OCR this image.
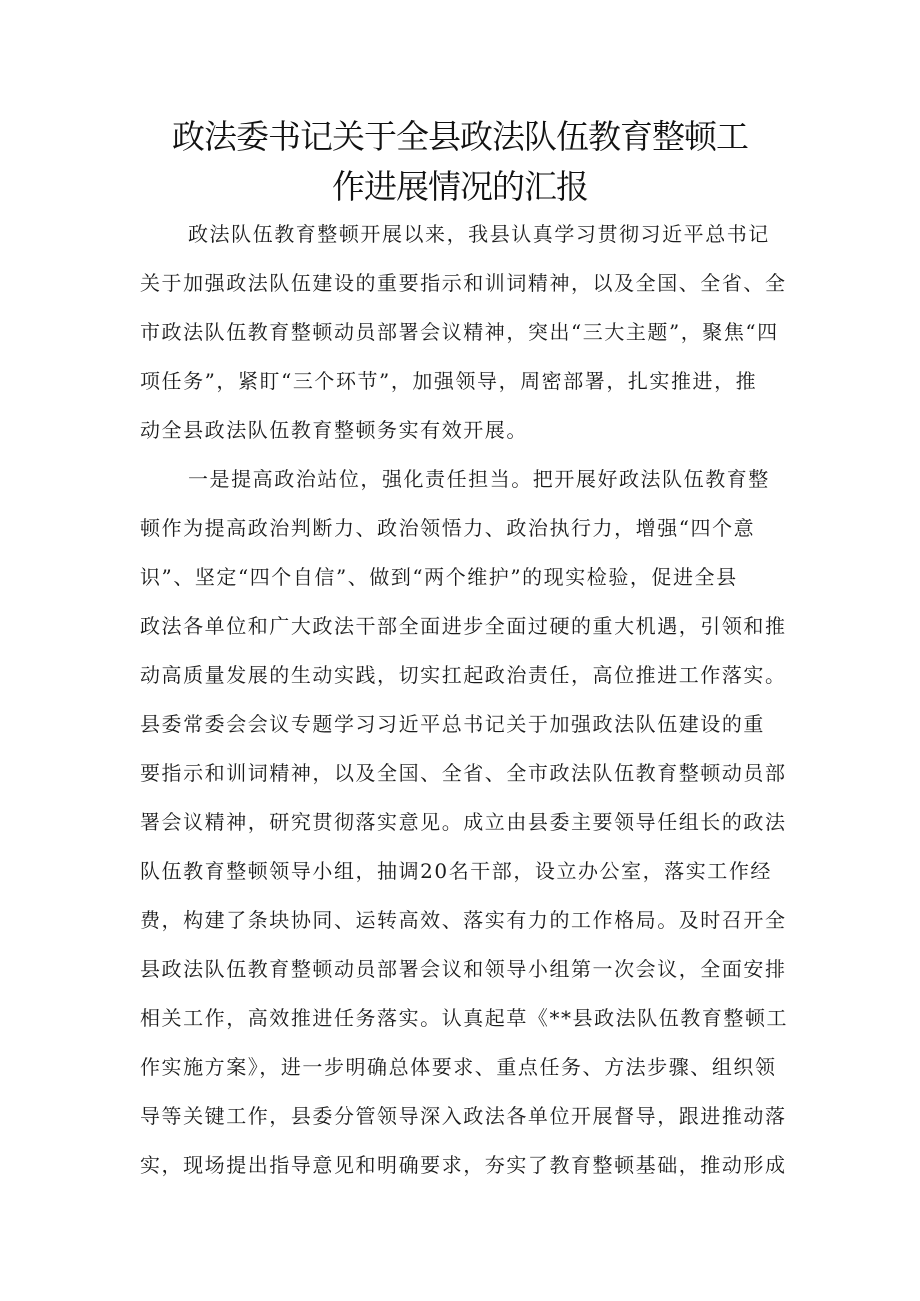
政法委书记关于全县政法队伍教育整顿工
作进展情况的汇报

政法队伍教育整顿开展以来，我县认真学习贯彻习近平总书记
关于加强政法队伍建设的重要指示和训词精神，以及全国、全省、全
市政法队伍教育整顿动员部署会议精神，突出“三大主题”，聚焦“四
项任务”，紧盯“三个环节”，加强领导，周密部署，扎实推进，推
动全县政法队伍教育整顿务实有效开展。

一是提高政治站位，强化责任担当。把开展好政法队伍教育整
顿作为提高政治判断力、政治领悟力、政治执行力，增强“四个意
识”、坚定“四个自信”、做到“两个维护”的现实检验，促进全县
政法各单位和广大政法干部全面进步全面过硬的重大机遇，引领和推
动高质量发展的生动实践，切实扛起政治责任，高位推进工作落实。
县委常委会会议专题学习习近平总书记关于加强政法队伍建设的重
要指示和训词精神，以及全国、全省、全市政法队伍教育整顿动员部
署会议精神，研究贯彻落实意见。成立由县委主要领导任组长的政法
队伍教育整顿领导小组，抽调20名干部，设立办公室，落实工作经
费，构建了条块协同、运转高效、落实有力的工作格局。及时召开全
县政法队伍教育整顿动员部署会议和领导小组第一次会议，全面安排
相关工作，高效推进任务落实。认真起草《**县政法队伍教育整顿工
作实施方案》，进一步明确总体要求、重点任务、方法步骤、组织领
导等关键工作，县委分管领导深入政法各单位开展督导，跟进推动落
实，现场提出指导意见和明确要求，夯实了教育整顿基础，推动形成
